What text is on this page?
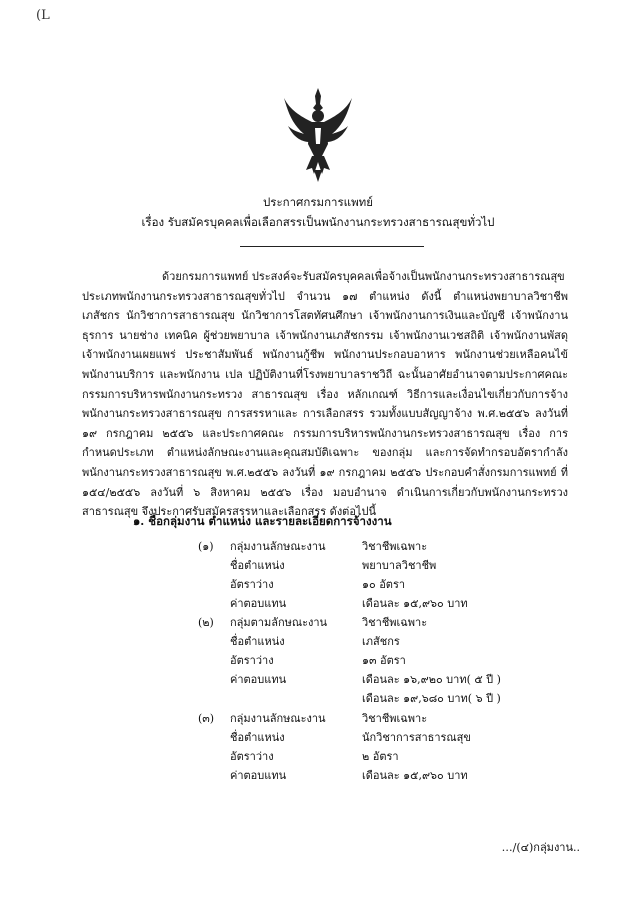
(L
ประกาศกรมการแพทย์
เรื่อง รับสมัครบุคคลเพื่อเลือกสรรเป็นพนักงานกระทรวงสาธารณสุขทั่วไป
ด้วยกรมการแพทย์ ประสงค์จะรับสมัครบุคคลเพื่อจ้างเป็นพนักงานกระทรวงสาธารณสุข
ประเภทพนักงานกระทรวงสาธารณสุขทั่วไป จำนวน ๑๗ ตำแหน่ง ดังนี้ ตำแหน่งพยาบาลวิชาชีพ เภสัชกร นักวิชาการสาธารณสุข นักวิชาการโสตทัศนศึกษา เจ้าพนักงานการเงินและบัญชี เจ้าพนักงานธุรการ นายช่าง เทคนิค ผู้ช่วยพยาบาล เจ้าพนักงานเภสัชกรรม เจ้าพนักงานเวชสถิติ เจ้าพนักงานพัสดุ เจ้าพนักงานเผยแพร่ ประชาสัมพันธ์ พนักงานกู้ชีพ พนักงานประกอบอาหาร พนักงานช่วยเหลือคนไข้ พนักงานบริการ และพนักงาน เปล ปฏิบัติงานที่โรงพยาบาลราชวิถี ฉะนั้นอาศัยอำนาจตามประกาศคณะกรรมการบริหารพนักงานกระทรวง สาธารณสุข เรื่อง หลักเกณฑ์ วิธีการและเงื่อนไขเกี่ยวกับการจ้างพนักงานกระทรวงสาธารณสุข การสรรหาและ การเลือกสรร รวมทั้งแบบสัญญาจ้าง พ.ศ.๒๕๕๖ ลงวันที่ ๑๙ กรกฎาคม ๒๕๕๖ และประกาศคณะ กรรมการบริหารพนักงานกระทรวงสาธารณสุข เรื่อง การกำหนดประเภท ตำแหน่งลักษณะงานและคุณสมบัติเฉพาะ ของกลุ่ม และการจัดทำกรอบอัตรากำลังพนักงานกระทรวงสาธารณสุข พ.ศ.๒๕๕๖ ลงวันที่ ๑๙ กรกฎาคม ๒๕๕๖ ประกอบคำสั่งกรมการแพทย์ ที่ ๑๕๔/๒๕๕๖ ลงวันที่ ๖ สิงหาคม ๒๕๕๖ เรื่อง มอบอำนาจ ดำเนินการเกี่ยวกับพนักงานกระทรวงสาธารณสุข จึงประกาศรับสมัครสรรหาและเลือกสรร ดังต่อไปนี้
๑. ชื่อกลุ่มงาน ตำแหน่ง และรายละเอียดการจ้างงาน
(๑) กลุ่มงานลักษณะงาน	วิชาชีพเฉพาะ
ชื่อตำแหน่ง	พยาบาลวิชาชีพ
อัตราว่าง	๑๐ อัตรา
ค่าตอบแทน	เดือนละ ๑๕,๙๖๐ บาท
(๒) กลุ่มตามลักษณะงาน	วิชาชีพเฉพาะ
ชื่อตำแหน่ง	เภสัชกร
อัตราว่าง	๑๓ อัตรา
ค่าตอบแทน	เดือนละ ๑๖,๙๒๐ บาท( ๕ ปี )
เดือนละ ๑๙,๖๘๐ บาท( ๖ ปี )
(๓) กลุ่มงานลักษณะงาน	วิชาชีพเฉพาะ
ชื่อตำแหน่ง	นักวิชาการสาธารณสุข
อัตราว่าง	๒ อัตรา
ค่าตอบแทน	เดือนละ ๑๕,๙๖๐ บาท
…/(๔)กลุ่มงาน..
